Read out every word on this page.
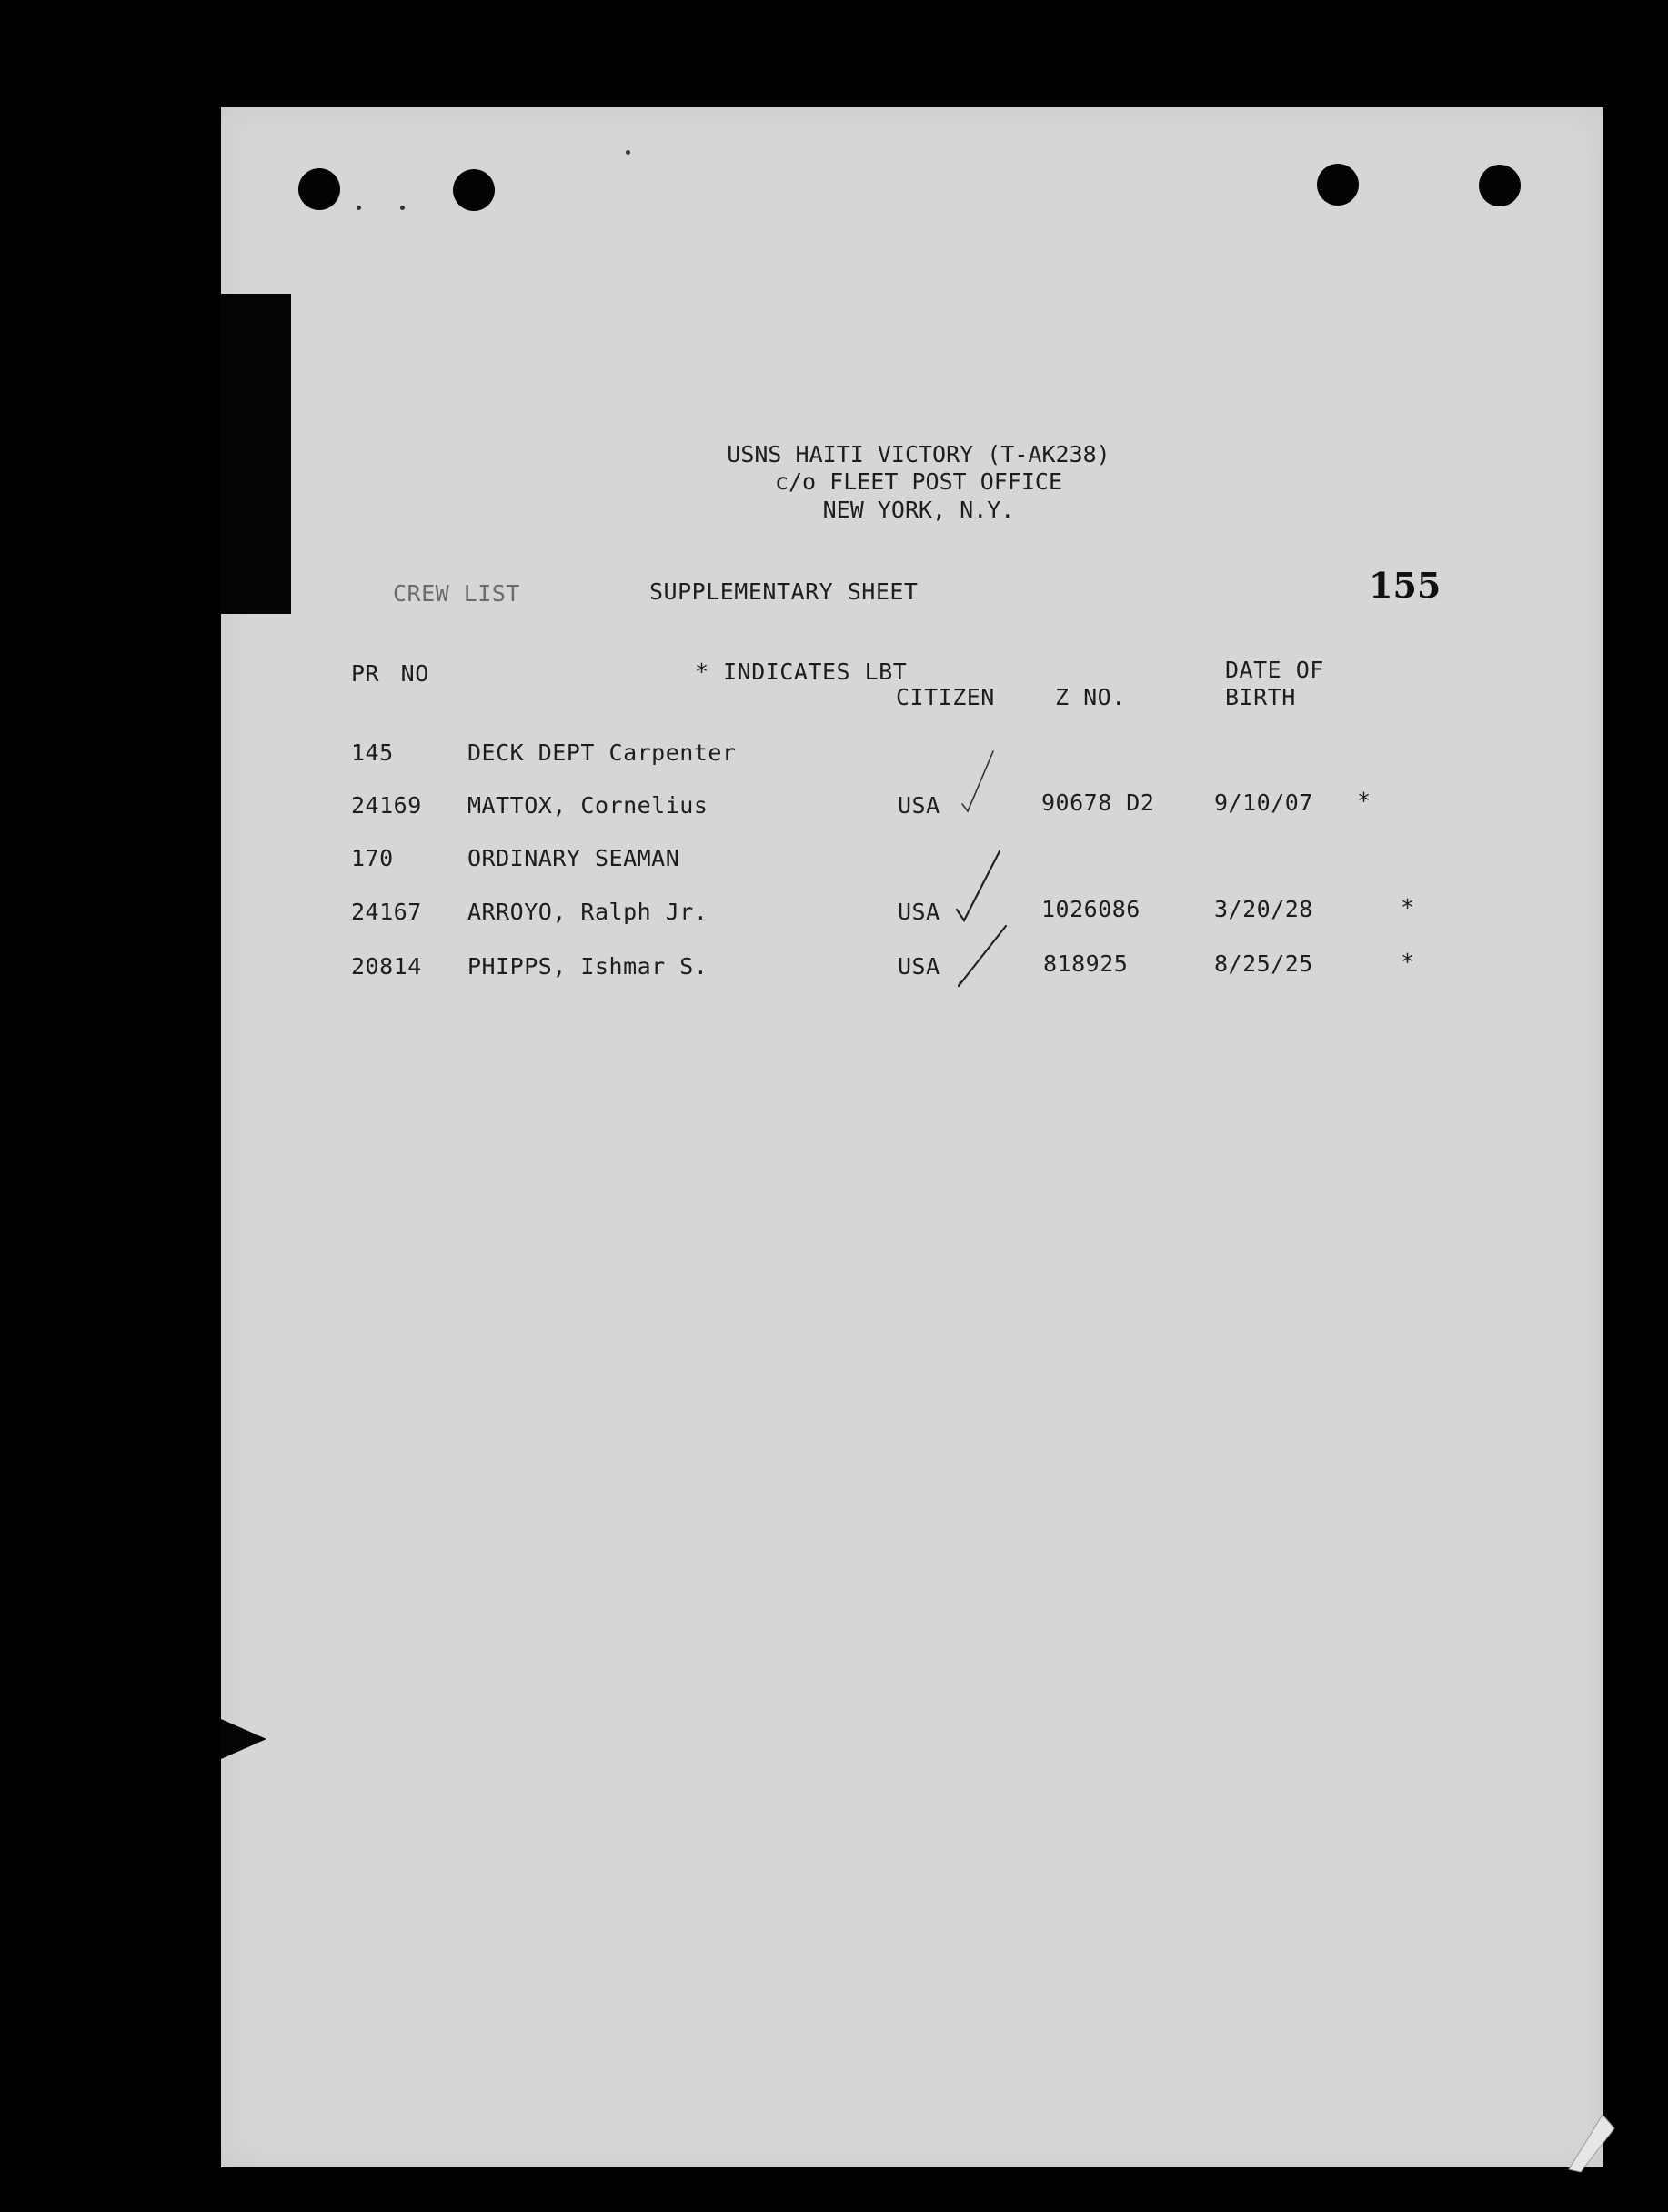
USNS HAITI VICTORY (T-AK238)
c/o FLEET POST OFFICE
NEW YORK, N.Y.
CREW LIST	SUPPLEMENTARY SHEET	155
PR NO	* INDICATES LBT
CITIZEN	Z NO.
DATE OF
BIRTH
145	DECK DEPT Carpenter
24169 MATTOX, Cornelius	USA	90678 D2	9/10/07 *
170	ORDINARY SEAMAN
24167 ARROYO, Ralph Jr.	USA	1026086	3/20/28	*
20814 PHIPPS, Ishmar S.	USA	818925	8/25/25	*
